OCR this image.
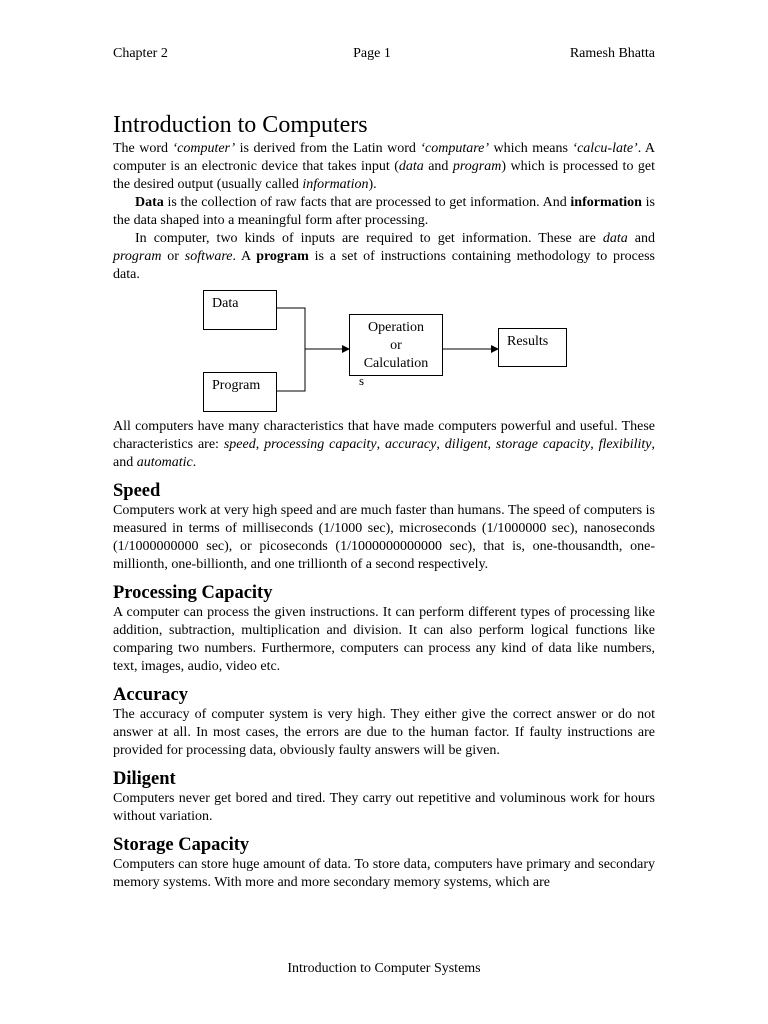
Chapter 2	Page 1	Ramesh Bhatta
Introduction to Computers

The word ‘computer’ is derived from the Latin word ‘computare’ which means ‘calcu-late’. A computer is an electronic device that takes input (data and program) which is processed to get the desired output (usually called information).

Data is the collection of raw facts that are processed to get information. And information is the data shaped into a meaningful form after processing.

In computer, two kinds of inputs are required to get information. These are data and program or software. A program is a set of instructions containing methodology to process data.

Data
Program
Operation
or
Calculation
s
Results

All computers have many characteristics that have made computers powerful and useful. These characteristics are: speed, processing capacity, accuracy, diligent, storage capacity, flexibility, and automatic.

Speed

Computers work at very high speed and are much faster than humans. The speed of computers is measured in terms of milliseconds (1/1000 sec), microseconds (1/1000000 sec), nanoseconds (1/1000000000 sec), or picoseconds (1/1000000000000 sec), that is, one-thousandth, one-millionth, one-billionth, and one trillionth of a second respectively.

Processing Capacity

A computer can process the given instructions. It can perform different types of processing like addition, subtraction, multiplication and division. It can also perform logical functions like comparing two numbers. Furthermore, computers can process any kind of data like numbers, text, images, audio, video etc.

Accuracy

The accuracy of computer system is very high. They either give the correct answer or do not answer at all. In most cases, the errors are due to the human factor. If faulty instructions are provided for processing data, obviously faulty answers will be given.

Diligent

Computers never get bored and tired. They carry out repetitive and voluminous work for hours without variation.

Storage Capacity

Computers can store huge amount of data. To store data, computers have primary and secondary memory systems. With more and more secondary memory systems, which are

Introduction to Computer Systems
